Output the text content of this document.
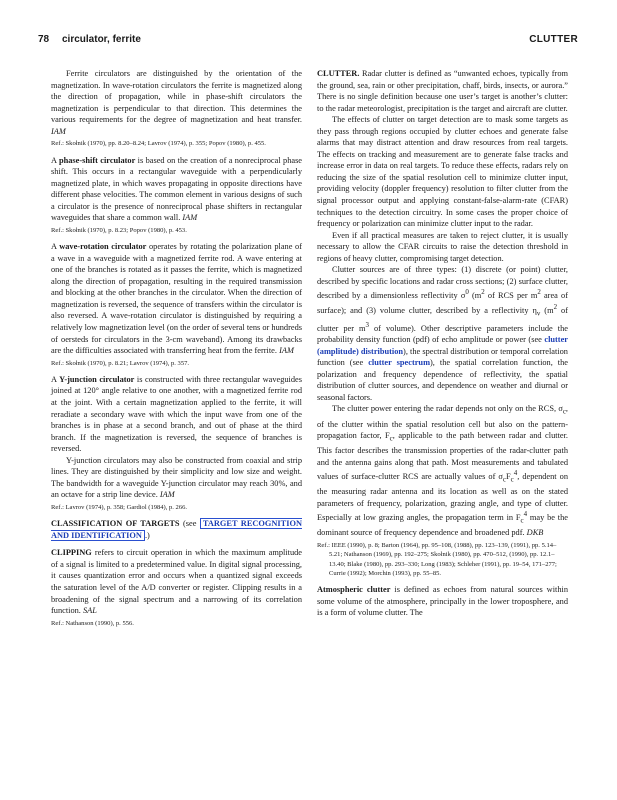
78 circulator, ferrite	CLUTTER

Ferrite circulators are distinguished by the orientation of the magnetization. In wave-rotation circulators the ferrite is magnetized along the direction of propagation, while in phase-shift circulators the magnetization is perpendicular to that direction. This determines the various requirements for the degree of magnetization and heat transfer. IAM

Ref.: Skołnik (1970), pp. 8.20–8.24; Lavrov (1974), p. 355; Popov (1980), p. 455.

A phase-shift circulator is based on the creation of a nonreciprocal phase shift. This occurs in a rectangular waveguide with a perpendicularly magnetized plate, in which waves propagating in opposite directions have different phase velocities. The common element in various designs of such a circulator is the presence of nonreciprocal phase shifters in rectangular waveguides that share a common wall. IAM

Ref.: Skołnik (1970), p. 8.23; Popov (1980), p. 453.

A wave-rotation circulator operates by rotating the polarization plane of a wave in a waveguide with a magnetized ferrite rod. A wave entering at one of the branches is rotated as it passes the ferrite, which is magnetized along the direction of propagation, resulting in the required transmission and blocking at the other branches in the circulator. When the direction of magnetization is reversed, the sequence of transfers within the circulator is also reversed. A wave-rotation circulator is distinguished by requiring a relatively low magnetization level (on the order of several tens or hundreds of oersteds for circulators in the 3-cm waveband). Among its drawbacks are the difficulties associated with transferring heat from the ferrite. IAM

Ref.: Skołnik (1970), p. 8.21; Lavrov (1974), p. 357.

A Y-junction circulator is constructed with three rectangular waveguides joined at 120° angle relative to one another, with a magnetized ferrite rod at the joint. With a certain magnetization applied to the ferrite, it will reradiate a secondary wave with which the input wave from one of the branches is in phase at a second branch, and out of phase at the third branch. If the magnetization is reversed, the sequence of branches is reversed.

Y-junction circulators may also be constructed from coaxial and strip lines. They are distinguished by their simplicity and low size and weight. The bandwidth for a waveguide Y-junction circulator may reach 30%, and an octave for a strip line device. IAM

Ref.: Lavrov (1974), p. 358; Gardiol (1984), p. 266.

CLASSIFICATION OF TARGETS (see TARGET RECOGNITION AND IDENTIFICATION .)

CLIPPING refers to circuit operation in which the maximum amplitude of a signal is limited to a predetermined value. In digital signal processing, it causes quantization error and occurs when a quantized signal exceeds the saturation level of the A/D converter or register. Clipping results in a broadening of the signal spectrum and a narrowing of its correlation function. SAL

Ref.: Nathanson (1990), p. 556.

CLUTTER. Radar clutter is defined as “unwanted echoes, typically from the ground, sea, rain or other precipitation, chaff, birds, insects, or aurora.” There is no single definition because one user’s target is another’s clutter: to the radar meteorologist, precipitation is the target and aircraft are clutter.

The effects of clutter on target detection are to mask some targets as they pass through regions occupied by clutter echoes and generate false alarms that may distract attention and draw resources from real targets. The effects on tracking and measurement are to generate false tracks and increase error in data on real targets. To reduce these effects, radars rely on reducing the size of the spatial resolution cell to minimize clutter input, providing velocity (doppler frequency) resolution to filter clutter from the signal processor output and applying constant-false-alarm-rate (CFAR) techniques to the detection circuitry. In some cases the proper choice of frequency or polarization can minimize clutter input to the radar.

Even if all practical measures are taken to reject clutter, it is usually necessary to allow the CFAR circuits to raise the detection threshold in regions of heavy clutter, compromising target detection.

Clutter sources are of three types: (1) discrete (or point) clutter, described by specific locations and radar cross sections; (2) surface clutter, described by a dimensionless reflectivity $\sigma^0$ ($m^2$ of RCS per $m^2$ area of surface); and (3) volume clutter, described by a reflectivity $\eta_v$ ($m^2$ of clutter per $m^3$ of volume). Other descriptive parameters include the probability density function (pdf) of echo amplitude or power (see clutter (amplitude) distribution), the spectral distribution or temporal correlation function (see clutter spectrum), the spatial correlation function, the polarization and frequency dependence of reflectivity, the spatial distribution of clutter sources, and dependence on weather and diurnal or seasonal factors.

The clutter power entering the radar depends not only on the RCS, $\sigma_c$, of the clutter within the spatial resolution cell but also on the pattern-propagation factor, $F_c$, applicable to the path between radar and clutter. This factor describes the transmission properties of the radar-clutter path and the antenna gains along that path. Most measurements and tabulated values of surface-clutter RCS are actually values of $\sigma_cF_c^4$, dependent on the measuring radar antenna and its location as well as on the stated parameters of frequency, polarization, grazing angle, and type of clutter. Especially at low grazing angles, the propagation term in $F_c^4$ may be the dominant source of frequency dependence and broadened pdf. DKB

Ref.: IEEE (1990), p. 8; Barton (1964), pp. 95–108, (1988), pp. 123–139, (1991), pp. 5.14–5.21; Nathanson (1969), pp. 192–275; Skołnik (1980), pp. 470–512, (1990), pp. 12.1–13.40; Blake (1980), pp. 293–330; Long (1983); Schleher (1991), pp. 19–54, 171–277; Currie (1992); Morchin (1993), pp. 55–85.

Atmospheric clutter is defined as echoes from natural sources within some volume of the atmosphere, principally in the lower troposphere, and is a form of volume clutter. The
